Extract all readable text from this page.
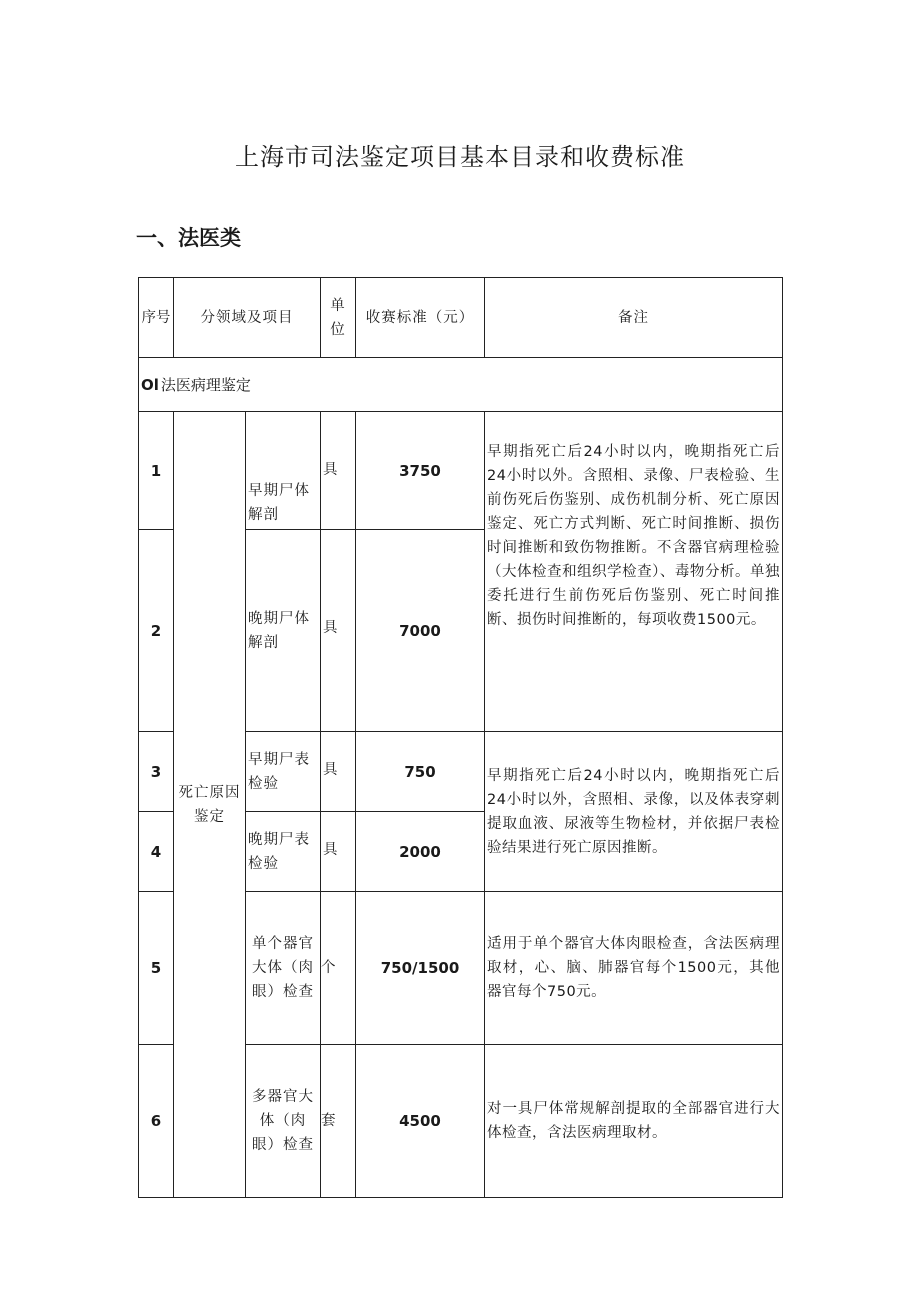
上海市司法鉴定项目基本目录和收费标准
一、法医类
序号	分领域及项目		单位	收赛标准（元）	备注
Ol 法医病理鉴定					
1	死亡原因鉴定	早期尸体解剖	具	3750	早期指死亡后24小时以内，晚期指死亡后24小时以外。含照相、录像、尸表检验、生前伤死后伤鉴别、成伤机制分析、死亡原因鉴定、死亡方式判断、死亡时间推断、损伤时间推断和致伤物推断。不含器官病理检验（大体检查和组织学检查）、毒物分析。单独委托进行生前伤死后伤鉴别、死亡时间推断、损伤时间推断的，每项收费1500元。
2		晚期尸体解剖	具	7000	
3		早期尸表检验	具	750	早期指死亡后24小时以内，晚期指死亡后24小时以外，含照相、录像，以及体表穿刺提取血液、尿液等生物检材，并依据尸表检验结果进行死亡原因推断。
4		晚期尸表检验	具	2000	
5		单个器官大体（肉眼）检查	个	750/1500	适用于单个器官大体肉眼检查，含法医病理取材，心、脑、肺器官每个1500元，其他器官每个750元。
6		多器官大体（肉眼）检查	套	4500	对一具尸体常规解剖提取的全部器官进行大体检查，含法医病理取材。
